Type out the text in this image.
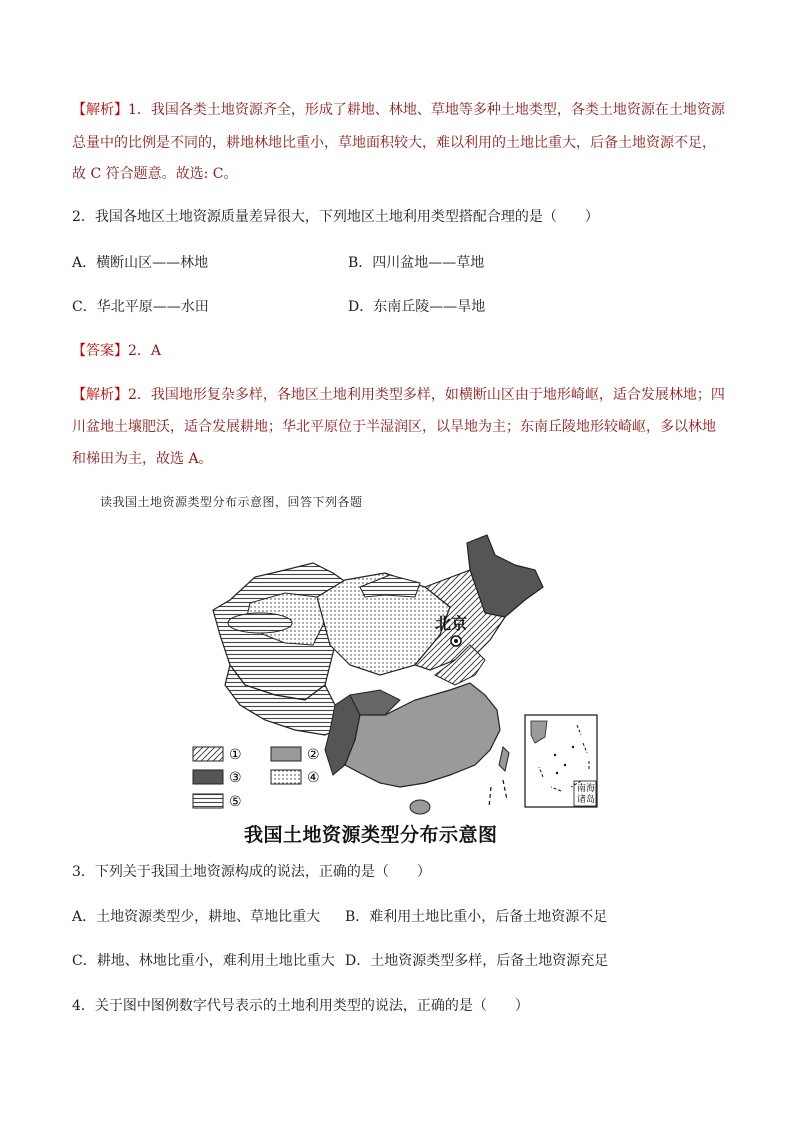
【解析】1．我国各类土地资源齐全，形成了耕地、林地、草地等多种土地类型，各类土地资源在土地资源
总量中的比例是不同的，耕地林地比重小，草地面积较大，难以利用的土地比重大，后备土地资源不足，
故 C 符合题意。故选: C。
2．我国各地区土地资源质量差异很大，下列地区土地利用类型搭配合理的是（　　）
A．横断山区——林地	B．四川盆地——草地
C．华北平原——水田	D．东南丘陵——旱地
【答案】2．A
【解析】2．我国地形复杂多样，各地区土地利用类型多样，如横断山区由于地形崎岖，适合发展林地；四
川盆地土壤肥沃，适合发展耕地；华北平原位于半湿润区，以旱地为主；东南丘陵地形较崎岖，多以林地
和梯田为主，故选 A。
读我国土地资源类型分布示意图，回答下列各题
北京
①	②
③	④
⑤
南海
诸岛
我国土地资源类型分布示意图
3．下列关于我国土地资源构成的说法，正确的是（　　）
A．土地资源类型少，耕地、草地比重大 B．难利用土地比重小，后备土地资源不足
C．耕地、林地比重小，难利用土地比重大 D．土地资源类型多样，后备土地资源充足
4．关于图中图例数字代号表示的土地利用类型的说法，正确的是（　　）
